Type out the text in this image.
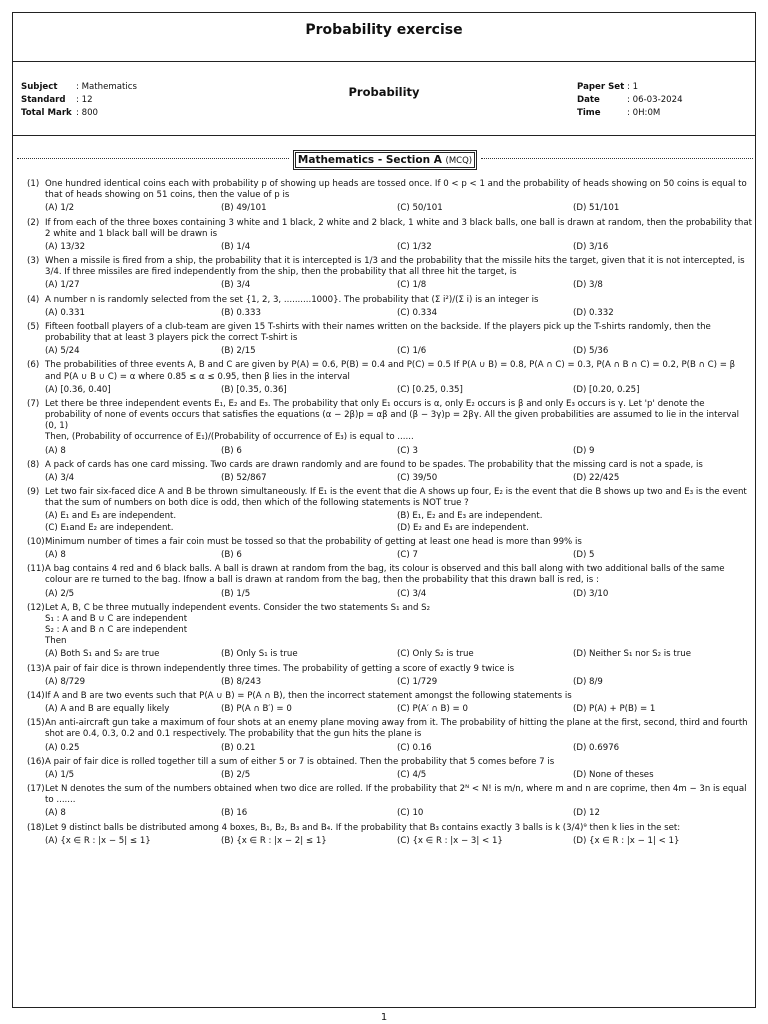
Probability exercise
Subject : Mathematics
Standard : 12
Total Mark : 800
Probability	Paper Set : 1
Date	: 06-03-2024
Time	: 0H:0M
Mathematics - Section A (MCQ)
(1) One hundred identical coins each with probability p of showing up heads are tossed once. If 0 < p < 1 and the probability of heads showing on 50 coins is equal to that of heads showing on 51 coins, then the value of p is
(A) 1/2	(B) 49/101	(C) 50/101	(D) 51/101
(2) If from each of the three boxes containing 3 white and 1 black, 2 white and 2 black, 1 white and 3 black balls, one ball is drawn at random, then the probability that 2 white and 1 black ball will be drawn is
(A) 13/32	(B) 1/4	(C) 1/32	(D) 3/16
(3) When a missile is fired from a ship, the probability that it is intercepted is 1/3 and the probability that the missile hits the target, given that it is not intercepted, is 3/4. If three missiles are fired independently from the ship, then the probability that all three hit the target, is
(A) 1/27	(B) 3/4	(C) 1/8	(D) 3/8
(4) A number n is randomly selected from the set {1, 2, 3, ..........1000}. The probability that (Σ i²)/(Σ i) is an integer is
(A) 0.331	(B) 0.333	(C) 0.334	(D) 0.332
(5) Fifteen football players of a club-team are given 15 T-shirts with their names written on the backside. If the players pick up the T-shirts randomly, then the probability that at least 3 players pick the correct T-shirt is
(A) 5/24	(B) 2/15	(C) 1/6	(D) 5/36
(6) The probabilities of three events A, B and C are given by P(A) = 0.6, P(B) = 0.4 and P(C) = 0.5 If P(A ∪ B) = 0.8, P(A ∩ C) = 0.3, P(A ∩ B ∩ C) = 0.2, P(B ∩ C) = β and P(A ∪ B ∪ C) = α where 0.85 ≤ α ≤ 0.95, then β lies in the interval
(A) [0.36, 0.40]	(B) [0.35, 0.36]	(C) [0.25, 0.35]	(D) [0.20, 0.25]
(7) Let there be three independent events E₁, E₂ and E₃. The probability that only E₁ occurs is α, only E₂ occurs is β and only E₃ occurs is γ. Let 'p' denote the probability of none of events occurs that satisfies the equations (α − 2β)p = αβ and (β − 3γ)p = 2βγ. All the given probabilities are assumed to lie in the interval (0, 1)
Then, (Probability of occurrence of E₁)/(Probability of occurrence of E₃) is equal to ......
(A) 8	(B) 6	(C) 3	(D) 9
(8) A pack of cards has one card missing. Two cards are drawn randomly and are found to be spades. The probability that the missing card is not a spade, is
(A) 3/4	(B) 52/867	(C) 39/50	(D) 22/425
(9) Let two fair six-faced dice A and B be thrown simultaneously. If E₁ is the event that die A shows up four, E₂ is the event that die B shows up two and E₃ is the event that the sum of numbers on both dice is odd, then which of the following statements is NOT true ?
(A) E₁ and E₃ are independent.	(B) E₁, E₂ and E₃ are independent.
(C) E₁and E₂ are independent.	(D) E₂ and E₃ are independent.
(10) Minimum number of times a fair coin must be tossed so that the probability of getting at least one head is more than 99% is
(A) 8	(B) 6	(C) 7	(D) 5
(11) A bag contains 4 red and 6 black balls. A ball is drawn at random from the bag, its colour is observed and this ball along with two additional balls of the same colour are re turned to the bag. Ifnow a ball is drawn at random from the bag, then the probability that this drawn ball is red, is :
(A) 2/5	(B) 1/5	(C) 3/4	(D) 3/10
(12) Let A, B, C be three mutually independent events. Consider the two statements S₁ and S₂
S₁ : A and B ∪ C are independent
S₂ : A and B ∩ C are independent
Then
(A) Both S₁ and S₂ are true	(B) Only S₁ is true	(C) Only S₂ is true	(D) Neither S₁ nor S₂ is true
(13) A pair of fair dice is thrown independently three times. The probability of getting a score of exactly 9 twice is
(A) 8/729	(B) 8/243	(C) 1/729	(D) 8/9
(14) If A and B are two events such that P(A ∪ B) = P(A ∩ B), then the incorrect statement amongst the following statements is
(A) A and B are equally likely	(B) P(A ∩ B′) = 0	(C) P(A′ ∩ B) = 0	(D) P(A) + P(B) = 1
(15) An anti-aircraft gun take a maximum of four shots at an enemy plane moving away from it. The probability of hitting the plane at the first, second, third and fourth shot are 0.4, 0.3, 0.2 and 0.1 respectively. The probability that the gun hits the plane is
(A) 0.25	(B) 0.21	(C) 0.16	(D) 0.6976
(16) A pair of fair dice is rolled together till a sum of either 5 or 7 is obtained. Then the probability that 5 comes before 7 is
(A) 1/5	(B) 2/5	(C) 4/5	(D) None of theses
(17) Let N denotes the sum of the numbers obtained when two dice are rolled. If the probability that 2ᴺ < N! is m/n, where m and n are coprime, then 4m − 3n is equal to .......
(A) 8	(B) 16	(C) 10	(D) 12
(18) Let 9 distinct balls be distributed among 4 boxes, B₁, B₂, B₃ and B₄. If the probability that B₃ contains exactly 3 balls is k (3/4)⁹ then k lies in the set:
(A) {x ∈ R : |x − 5| ≤ 1}	(B) {x ∈ R : |x − 2| ≤ 1}	(C) {x ∈ R : |x − 3| < 1}	(D) {x ∈ R : |x − 1| < 1}
1
